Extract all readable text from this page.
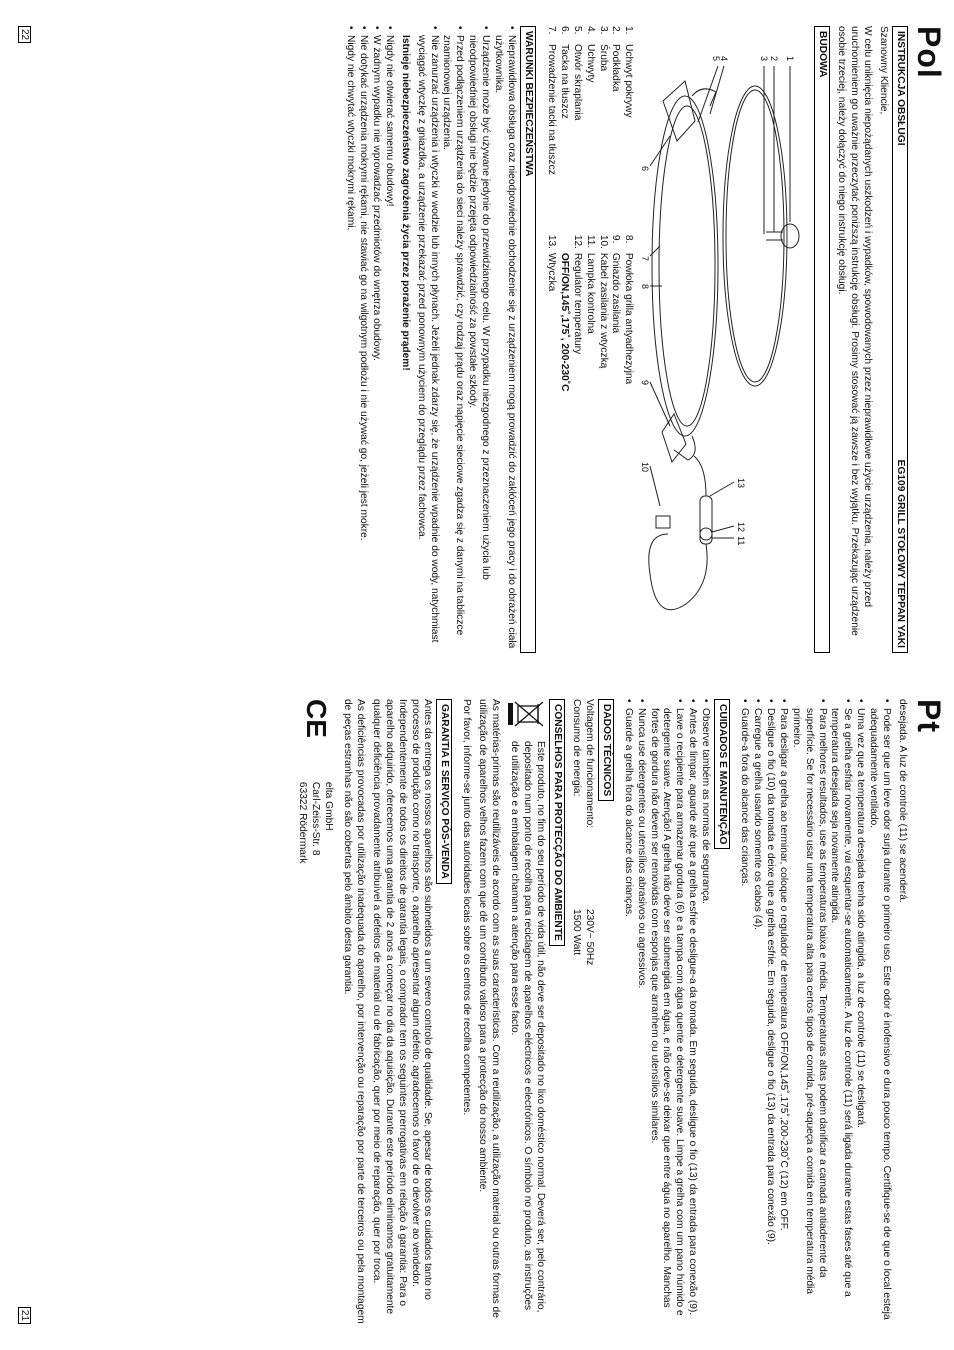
Pol
INSTRUKCJA OBSŁUGI
EG109 GRILL STOŁOWY TEPPAN YAKI

Szanowny Kliencie,

W celu uniknięcia niepożądanych uszkodzeń i wypadków, spowodowanych przez nieprawidłowe użycie urządzenia, należy przed uruchomieniem go uważnie przeczytać poniższą instrukcję obsługi. Prosimy stosować ją zawsze i bez wyjątku. Przekazując urządzenie osobie trzeciej, należy dołączyć do niego instrukcję obsługi.

BUDOWA
1
2
3
4
5
6
7
8
9
10
11
12
13
1.Uchwyt pokrywy
2.Podkładka
3.Śruba
4.Uchwyty
5.Otwór skraplania
6.Tacka na tłuszcz
7.Prowadzenie tacki na tłuszcz
8.Powłoka grilla antyadhezyjna
9.Gniazdo zasilania
10.Kabel zasilania z wtyczką
11.Lampka kontrolna
12.Regulator temperatury
OFF/ON,145˚,175˚, 200-230˚C
13.Wtyczka
WARUNKI BEZPIECZEŃSTWA
• Nieprawidłowa obsługa oraz nieodpowiednie obchodzenie się z urządzeniem mogą prowadzić do zakłóceń jego pracy i do obrażeń ciała użytkownika.
• Urządzenie może być używane jedynie do przewidzianego celu. W przypadku niezgodnego z przeznaczeniem użycia lub nieodpowiedniej obsługi nie będzie przejęta odpowiedzialność za powstałe szkody.
• Przed podłączeniem urządzenia do sieci należy sprawdzić, czy rodzaj prądu oraz napięcie sieciowe zgadza się z danymi na tabliczce znamionowej urządzenia.
• Nie zanurzać urządzenia i wtyczki w wodzie lub innych płynach. Jeżeli jednak zdarzy się, że urządzenie wpadnie do wody, natychmiast wyciągać wtyczkę z gniazdka, a urządzenie przekazać przed ponownym użyciem do przeglądu przez fachowca.

Istnieje niebezpieczeństwo zagrożenia życia przez porażenie prądem!

• Nigdy nie otwierać samemu obudowy!
• W żadnym wypadku nie wprowadzać przedmiotów do wnętrza obudowy.
• Nie dotykać urządzenia mokrymi rękami, nie stawiać go na wilgotnym podłożu i nie używać go, jeżeli jest mokre.
• Nigdy nie chwytać wtyczki mokrymi rękami.
22
Pt

desejada. A luz de controle (11) se acenderá.

• Pode ser que um leve odor surja durante o primeiro uso. Este odor é inofensivo e dura pouco tempo. Certifique-se de que o local esteja adequadamente ventilado.
• Uma vez que a temperatura desejada tenha sido atingida, a luz de controle (11) se desligará.
• Se a grelha esfriar novamente, vai esquentar-se automaticamente. A luz de controle (11) será ligada durante estas fases até que a temperatura desejada seja novamente atingida.
• Para melhores resultados, use as temperaturas baixa e média. Temperaturas altas podem danificar a camada antiaderente da superfície. Se for necessário usar uma temperatura alta para certos tipos de comida, pré-aqueça a comida em temperatura média primeiro.
• Para desligar a grelha ao terminar, coloque o regulador de temperatura OFF/ON,145˚,175˚,200-230˚C (12) em OFF.
• Desligue o fio (10) da tomada e deixe que a grelha esfrie. Em seguida, desligue o fio (13) da entrada para conexão (9).
• Carregue a grelha usando somente os cabos (4).
• Guarde-a fora do alcance das crianças.
CUIDADOS E MANUTENÇÃO
• Observe também as normas de segurança.
• Antes de limpar, aguarde até que a grelha esfrie e desligue-a da tomada. Em seguida, desligue o fio (13) da entrada para conexão (9).
• Lave o recipiente para armazenar gordura (6) e a tampa com água quente e detergente suave. Limpe a grelha com um pano húmido e detergente suave. Atenção! A grelha não deve ser submergida em água, e não deve-se deixar que entre água no aparelho. Manchas fortes de gordura não devem ser removidas com esponjas que arranhem ou utensílios similares.
• Nunca use detergentes ou utensílios abrasivos ou agressivos.
• Guarde a grelha fora do alcance das crianças.
DADOS TÉCNICOS
Voltagem de funcionamento:
230V~ 50Hz
Consumo de energia:
1500 Watt
CONSELHOS PARA PROTECÇÃO DO AMBIENTE

Este produto, no fim do seu período de vida útil, não deve ser depositado no lixo doméstico normal. Deverá ser, pelo contrário, depositado num ponto de recolha para reciclagem de aparelhos eléctricos e electrónicos. O símbolo no produto, as instruções de utilização e a embalagem chamam a atenção para esse facto.

As matérias-primas são reutilizáveis de acordo com as suas características. Com a reutilização, a utilização material ou outras formas de utilização de aparelhos velhos fazem com que dê um contributo valioso para a protecção do nosso ambiente.

Por favor, informe-se junto das autoridades locais sobre os centros de recolha competentes.

GARANTIA E SERVIÇO PÓS-VENDA

Antes da entrega os nossos aparelhos são submetidos a um severo controlo de qualidade. Se, apesar de todos os cuidados tanto no processo de produção como no transporte, o aparelho apresentar algum defeito, agradecemos o favor de o devolver ao vendedor. Independentemente de todos os direitos de garantia legais, o comprador tem os seguintes prerrogativas em relação à garantia: Para o aparelho adquirido, oferecemos uma garantia de 2 anos a começar no dia da aquisição. Durante este período eliminamos gratuitamente qualquer deficiência provadamente atribuível a defeitos de material ou de fabricação, quer por meio de reparação, quer por troca.

As deficiências provocadas por utilização inadequada do aparelho, por intervenção ou reparação por parte de terceiros ou pela montagem de peças estranhas não são cobertas pelo âmbito desta garantia.

CE
elta GmbH
Carl-Zeiss-Str. 8
63322 Rödermark
21
